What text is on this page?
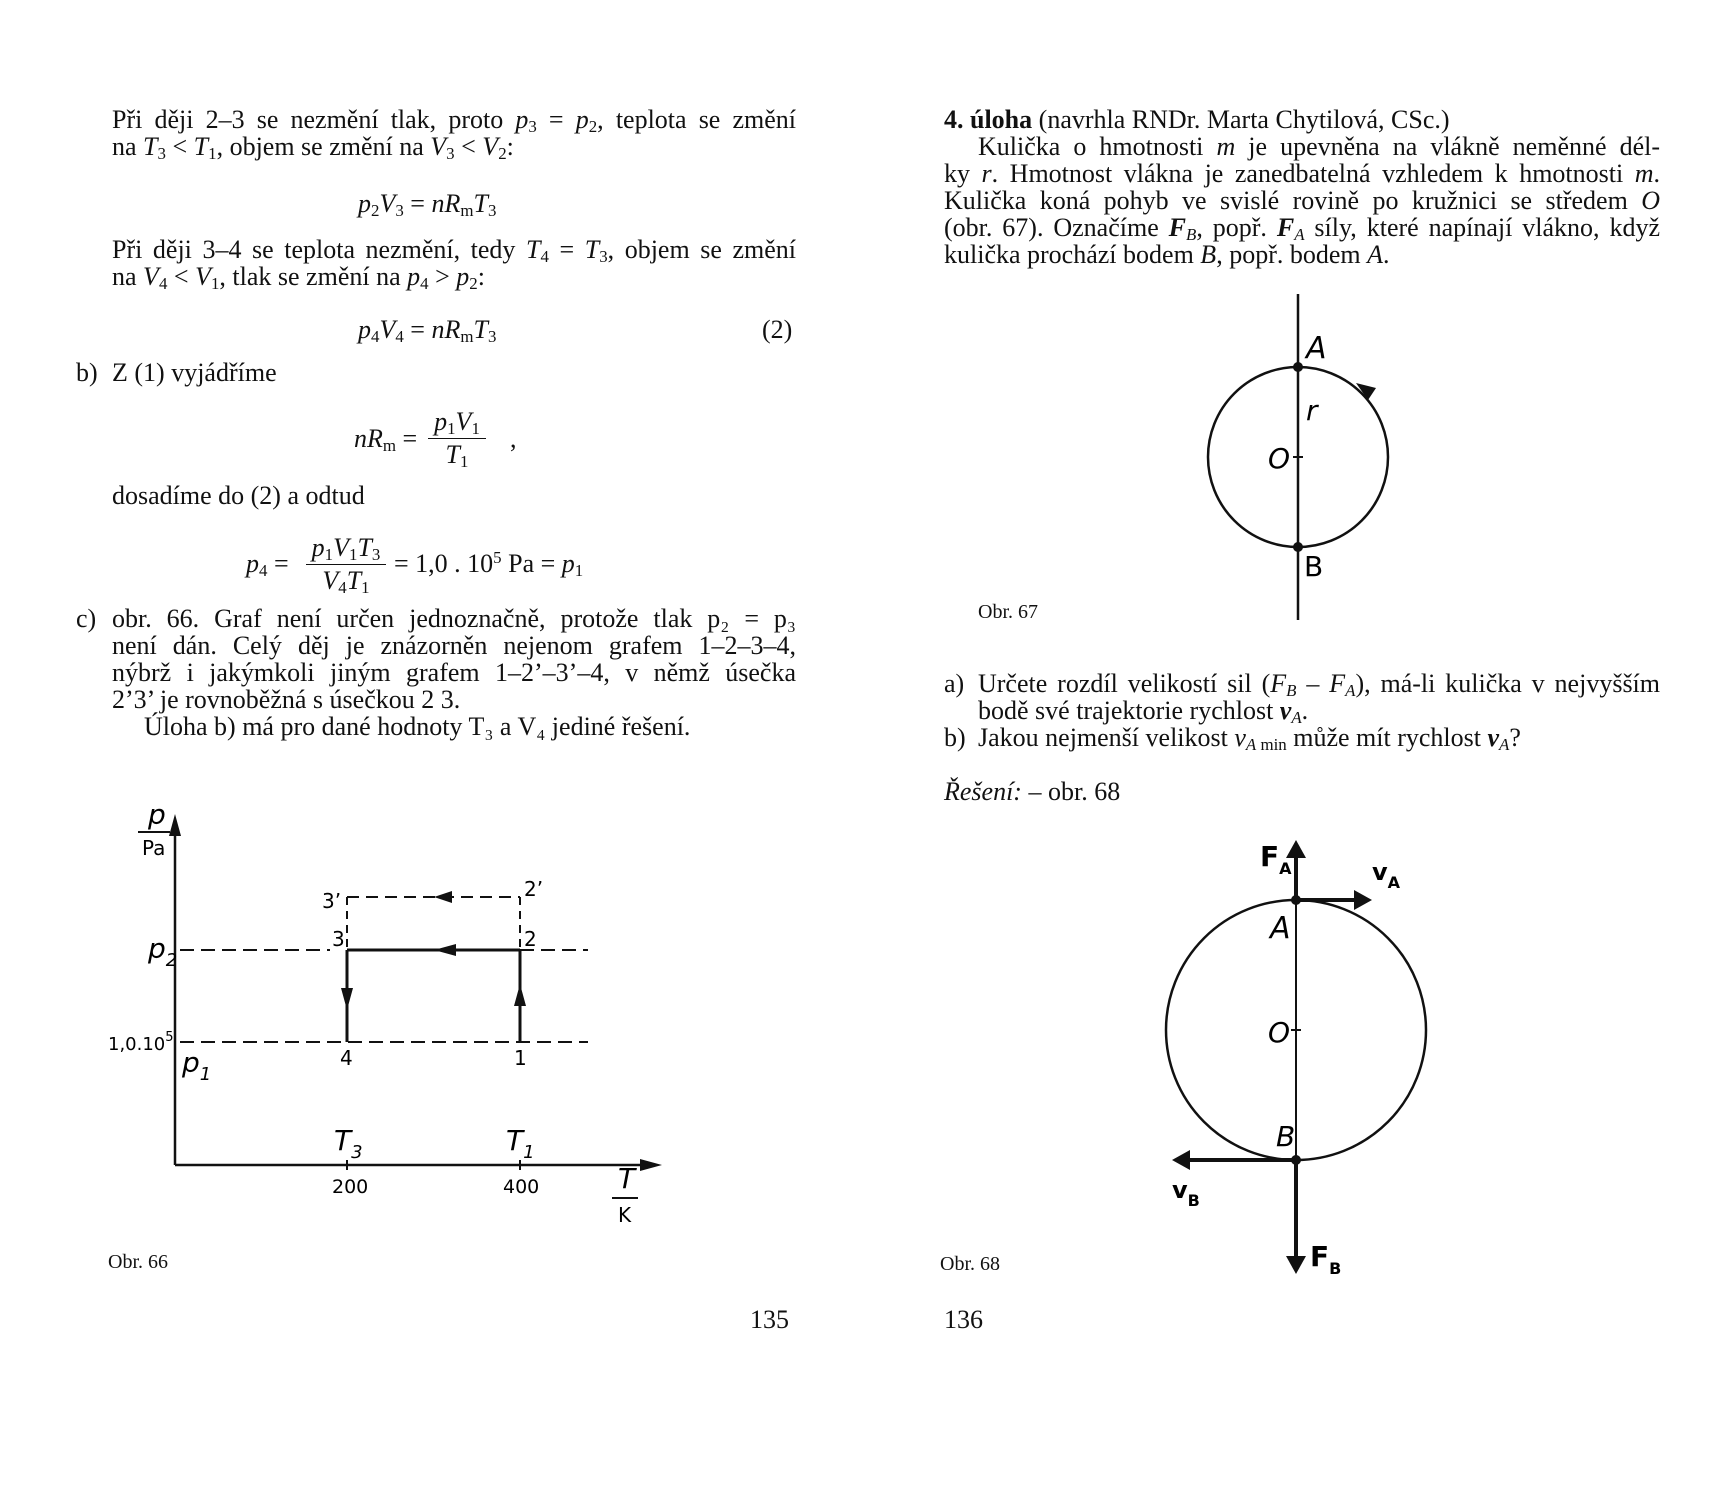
Při ději 2–3 se nezmění tlak, proto $p_3 = p_2$, teplota se změní
na $T_3 < T_1$, objem se změní na $V_3 < V_2$:
$p_2V_3 = nR_mT_3$
Při ději 3–4 se teplota nezmění, tedy $T_4 = T_3$, objem se změní
na $V_4 < V_1$, tlak se změní na $p_4 > p_2$:
$p_4V_4 = nR_mT_3$	(2)
b) Z (1) vyjádříme
$nR_m$ =
$p_1V_1$
$T_1$
,
dosadíme do (2) a odtud
$p_4$ =
$p_1V_1T_3$
$V_4T_1$
= 1,0 . $10^5$ $Pa = p_1$
c) obr. 66. Graf není určen jednoznačně, protože tlak p₂ = p₃
není dán. Celý děj je znázorněn nejenom grafem 1–2–3–4,
nýbrž i jakýmkoli jiným grafem 1–2’–3’–4, v němž úsečka
2’3’ je rovnoběžná s úsečkou 2 3.
Úloha b) má pro dané hodnoty T₃ a V₄ jediné řešení.
p
Pa
T
K
2’
3’
2
3
4	1
$p_2$
1,0.10$^5$
$p_1$
$T_3$	$T_1$
200	400
Obr. 66
135
4. úloha (navrhla RNDr. Marta Chytilová, CSc.)
Kulička o hmotnosti m je upevněna na vlákně neměnné dél-
ky r. Hmotnost vlákna je zanedbatelná vzhledem k hmotnosti m.
Kulička koná pohyb ve svislé rovině po kružnici se středem O
(obr. 67). Označíme $F_B$, popř. $F_A$ síly, které napínají vlákno, když
kulička prochází bodem B, popř. bodem A.
A
r
O
B
Obr. 67
a) Určete rozdíl velikostí sil $(F_B - F_A)$, má-li kulička v nejvyšším
bodě své trajektorie rychlost $v_A$.
b) Jakou nejmenší velikost $v_{A min}$ může mít rychlost $v_A$?
Řešení: – obr. 68
$F_A$	$v_A$
A
O
B
$v_B$
$F_B$
Obr. 68
136
